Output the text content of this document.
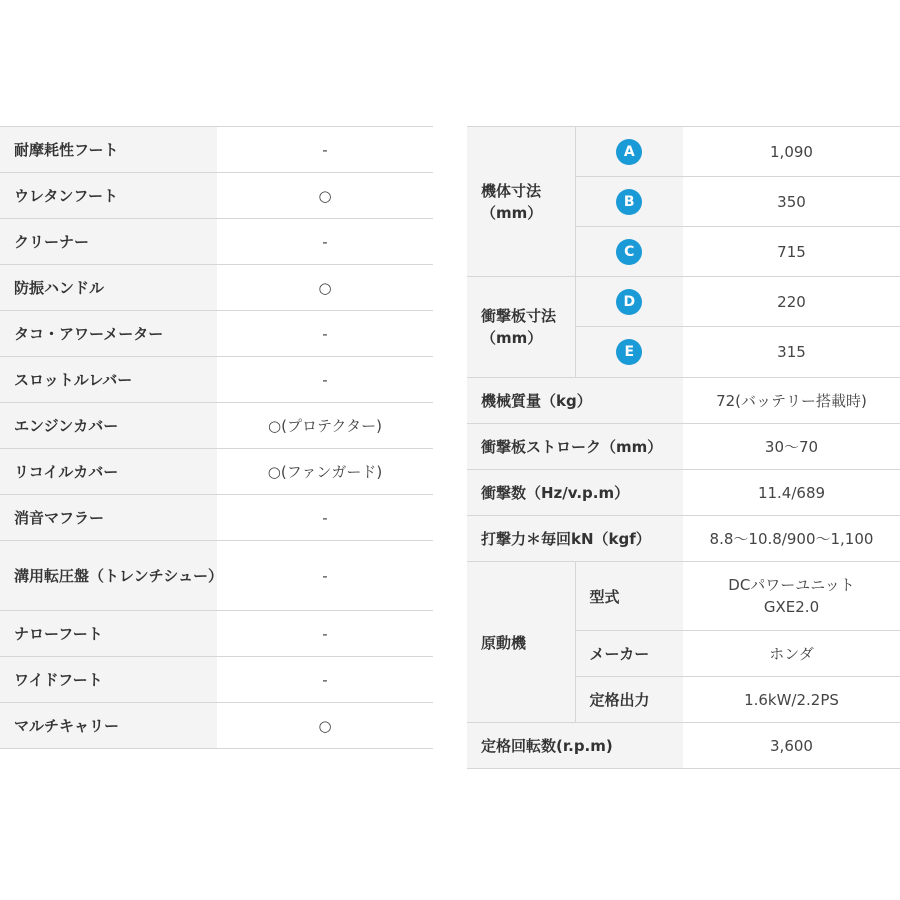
耐摩耗性フート	-
ウレタンフート	○
クリーナー	-
防振ハンドル	○
タコ・アワーメーター	-
スロットルレバー	-
エンジンカバー	○(プロテクター)
リコイルカバー	○(ファンガード)
消音マフラー	-
溝用転圧盤（トレンチシュー）	-
ナローフート	-
ワイドフート	-
マルチキャリー	○
機体寸法（mm）	A	1,090
	B	350
	C	715
衝撃板寸法（mm）	D	220
	E	315
機械質量（kg）		72(バッテリー搭載時)
衝撃板ストローク（mm）		30〜70
衝撃数（Hz/v.p.m）		11.4/689
打撃力＊毎回kN（kgf）		8.8〜10.8/900〜1,100
原動機	型式	DCパワーユニット
GXE2.0

	メーカー	ホンダ
	定格出力	1.6kW/2.2PS
定格回転数(r.p.m)		3,600
